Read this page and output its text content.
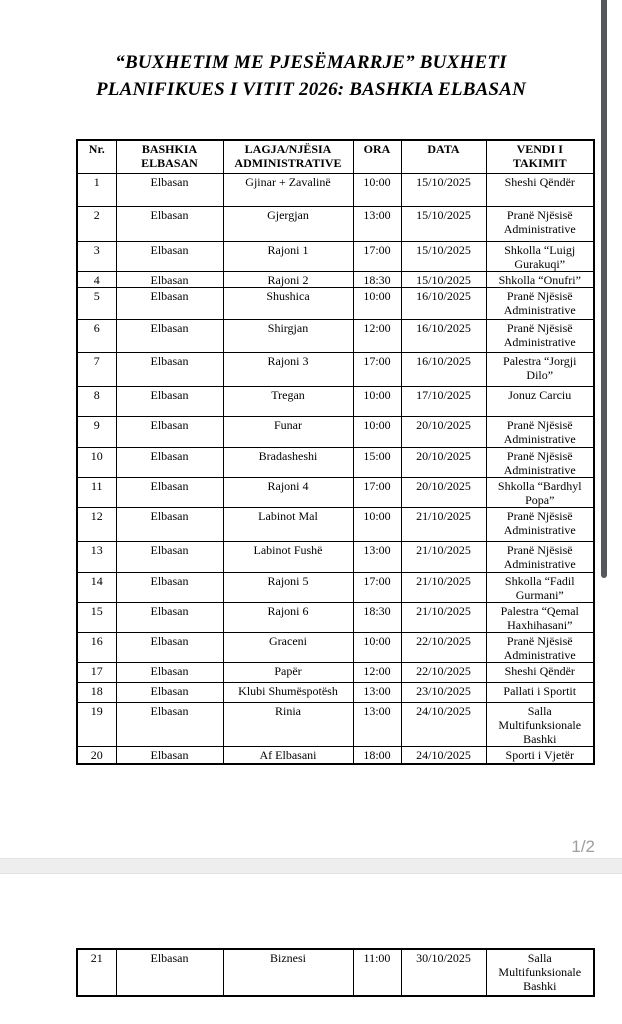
“BUXHETIM ME PJESËMARRJE” BUXHETI
PLANIFIKUES I VITIT 2026: BASHKIA ELBASAN
Nr.	BASHKIA ELBASAN	LAGJA/NJËSIA ADMINISTRATIVE	ORA	DATA	VENDI I TAKIMIT
1	Elbasan	Gjinar + Zavalinë	10:00	15/10/2025	Sheshi Qëndër
2	Elbasan	Gjergjan	13:00	15/10/2025	Pranë Njësisë Administrative
3	Elbasan	Rajoni 1	17:00	15/10/2025	Shkolla “Luigj Gurakuqi”
4	Elbasan	Rajoni 2	18:30	15/10/2025	Shkolla “Onufri”
5	Elbasan	Shushica	10:00	16/10/2025	Pranë Njësisë Administrative
6	Elbasan	Shirgjan	12:00	16/10/2025	Pranë Njësisë Administrative
7	Elbasan	Rajoni 3	17:00	16/10/2025	Palestra “Jorgji Dilo”
8	Elbasan	Tregan	10:00	17/10/2025	Jonuz Carciu
9	Elbasan	Funar	10:00	20/10/2025	Pranë Njësisë Administrative
10	Elbasan	Bradasheshi	15:00	20/10/2025	Pranë Njësisë Administrative
11	Elbasan	Rajoni 4	17:00	20/10/2025	Shkolla “Bardhyl Popa”
12	Elbasan	Labinot Mal	10:00	21/10/2025	Pranë Njësisë Administrative
13	Elbasan	Labinot Fushë	13:00	21/10/2025	Pranë Njësisë Administrative
14	Elbasan	Rajoni 5	17:00	21/10/2025	Shkolla “Fadil Gurmani”
15	Elbasan	Rajoni 6	18:30	21/10/2025	Palestra “Qemal Haxhihasani”
16	Elbasan	Graceni	10:00	22/10/2025	Pranë Njësisë Administrative
17	Elbasan	Papër	12:00	22/10/2025	Sheshi Qëndër
18	Elbasan	Klubi Shumëspotësh	13:00	23/10/2025	Pallati i Sportit
19	Elbasan	Rinia	13:00	24/10/2025	Salla Multifunksionale Bashki
20	Elbasan	Af Elbasani	18:00	24/10/2025	Sporti i Vjetër
1/2
21	Elbasan	Biznesi	11:00	30/10/2025	Salla Multifunksionale Bashki
